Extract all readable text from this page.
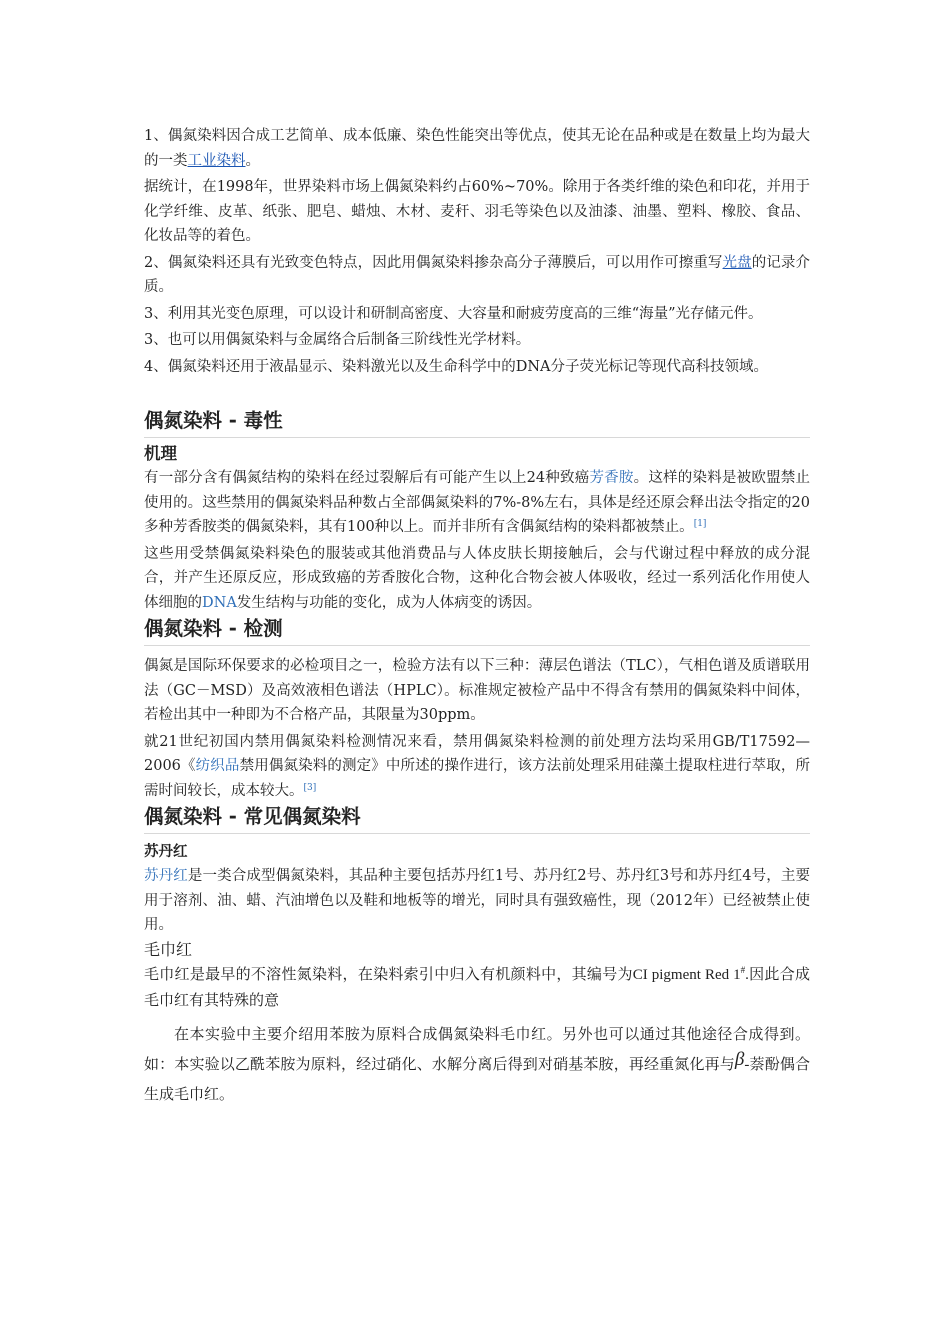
1、偶氮染料因合成工艺简单、成本低廉、染色性能突出等优点，使其无论在品种或是在数量上均为最大的一类工业染料。

据统计，在1998年，世界染料市场上偶氮染料约占60%~70%。除用于各类纤维的染色和印花，并用于化学纤维、皮革、纸张、肥皂、蜡烛、木材、麦秆、羽毛等染色以及油漆、油墨、塑料、橡胶、食品、化妆品等的着色。

2、偶氮染料还具有光致变色特点，因此用偶氮染料掺杂高分子薄膜后，可以用作可擦重写光盘的记录介质。

3、利用其光变色原理，可以设计和研制高密度、大容量和耐疲劳度高的三维“海量”光存储元件。

3、也可以用偶氮染料与金属络合后制备三阶线性光学材料。

4、偶氮染料还用于液晶显示、染料激光以及生命科学中的DNA分子荧光标记等现代高科技领域。

偶氮染料 - 毒性
机理

有一部分含有偶氮结构的染料在经过裂解后有可能产生以上24种致癌芳香胺。这样的染料是被欧盟禁止使用的。这些禁用的偶氮染料品种数占全部偶氮染料的7%-8%左右，具体是经还原会释出法令指定的20多种芳香胺类的偶氮染料，其有100种以上。而并非所有含偶氮结构的染料都被禁止。[1]

这些用受禁偶氮染料染色的服装或其他消费品与人体皮肤长期接触后，会与代谢过程中释放的成分混合，并产生还原反应，形成致癌的芳香胺化合物，这种化合物会被人体吸收，经过一系列活化作用使人体细胞的DNA发生结构与功能的变化，成为人体病变的诱因。

偶氮染料 - 检测

偶氮是国际环保要求的必检项目之一，检验方法有以下三种：薄层色谱法（TLC），气相色谱及质谱联用法（GC－MSD）及高效液相色谱法（HPLC）。标准规定被检产品中不得含有禁用的偶氮染料中间体，若检出其中一种即为不合格产品，其限量为30ppm。

就21世纪初国内禁用偶氮染料检测情况来看，禁用偶氮染料检测的前处理方法均采用GB/T17592—2006《纺织品禁用偶氮染料的测定》中所述的操作进行，该方法前处理采用硅藻土提取柱进行萃取，所需时间较长，成本较大。[3]

偶氮染料 - 常见偶氮染料
苏丹红

苏丹红是一类合成型偶氮染料，其品种主要包括苏丹红1号、苏丹红2号、苏丹红3号和苏丹红4号，主要用于溶剂、油、蜡、汽油增色以及鞋和地板等的增光，同时具有强致癌性，现（2012年）已经被禁止使用。

毛巾红

毛巾红是最早的不溶性氮染料，在染料索引中归入有机颜料中，其编号为CI pigment Red 1#.因此合成毛巾红有其特殊的意

在本实验中主要介绍用苯胺为原料合成偶氮染料毛巾红。另外也可以通过其他途径合成得到。如：本实验以乙酰苯胺为原料，经过硝化、水解分离后得到对硝基苯胺，再经重氮化再与β-萘酚偶合生成毛巾红。
